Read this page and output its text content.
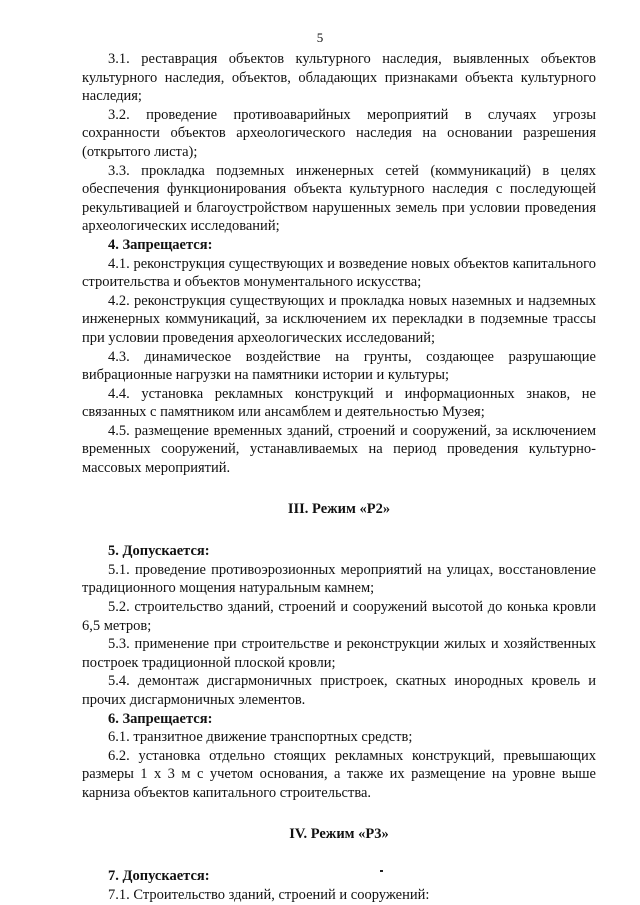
5

3.1. реставрация объектов культурного наследия, выявленных объектов культурного наследия, объектов, обладающих признаками объекта культурного наследия;

3.2. проведение противоаварийных мероприятий в случаях угрозы сохранности объектов археологического наследия на основании разрешения (открытого листа);

3.3. прокладка подземных инженерных сетей (коммуникаций) в целях обеспечения функционирования объекта культурного наследия с последующей рекультивацией и благоустройством нарушенных земель при условии проведения археологических исследований;

4. Запрещается:

4.1. реконструкция существующих и возведение новых объектов капитального строительства и объектов монументального искусства;

4.2. реконструкция существующих и прокладка новых наземных и надземных инженерных коммуникаций, за исключением их перекладки в подземные трассы при условии проведения археологических исследований;

4.3. динамическое воздействие на грунты, создающее разрушающие вибрационные нагрузки на памятники истории и культуры;

4.4. установка рекламных конструкций и информационных знаков, не связанных с памятником или ансамблем и деятельностью Музея;

4.5. размещение временных зданий, строений и сооружений, за исключением временных сооружений, устанавливаемых на период проведения культурно-массовых мероприятий.

III. Режим «Р2»

5. Допускается:

5.1. проведение противоэрозионных мероприятий на улицах, восстановление традиционного мощения натуральным камнем;

5.2. строительство зданий, строений и сооружений высотой до конька кровли 6,5 метров;

5.3. применение при строительстве и реконструкции жилых и хозяйственных построек традиционной плоской кровли;

5.4. демонтаж дисгармоничных пристроек, скатных инородных кровель и прочих дисгармоничных элементов.

6. Запрещается:

6.1. транзитное движение транспортных средств;

6.2. установка отдельно стоящих рекламных конструкций, превышающих размеры 1 х 3 м с учетом основания, а также их размещение на уровне выше карниза объектов капитального строительства.

IV. Режим «Р3»

7. Допускается:

7.1. Строительство зданий, строений и сооружений:
